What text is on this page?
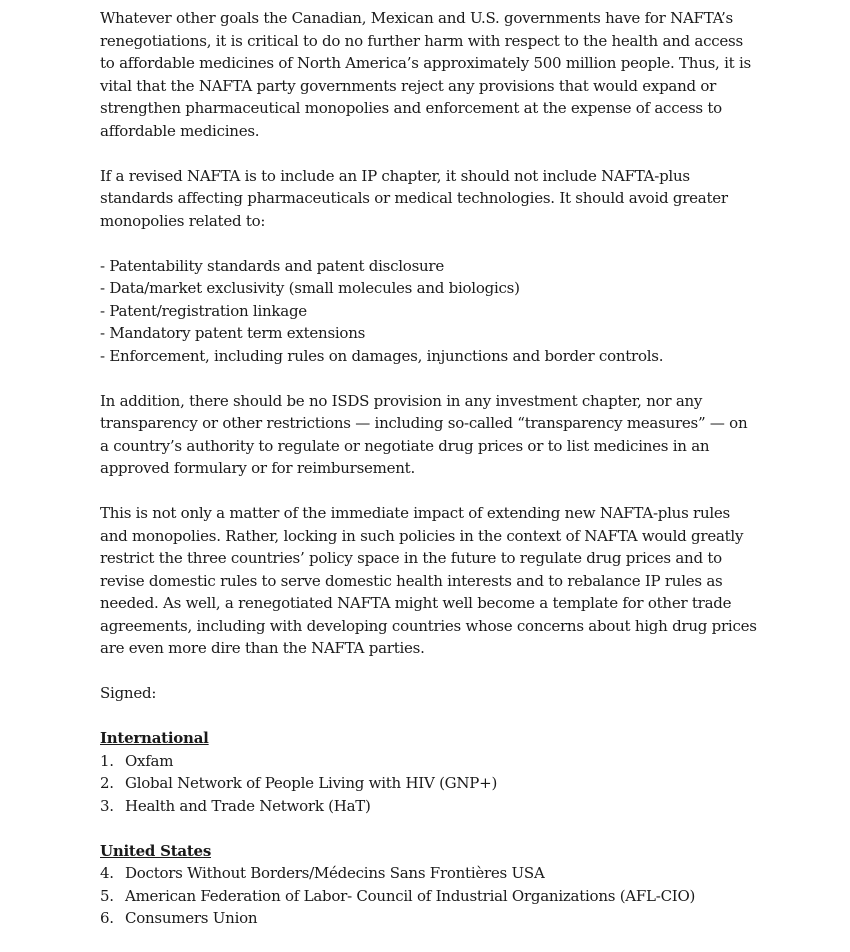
Whatever other goals the Canadian, Mexican and U.S. governments have for NAFTA’s renegotiations, it is critical to do no further harm with respect to the health and access to affordable medicines of North America’s approximately 500 million people. Thus, it is vital that the NAFTA party governments reject any provisions that would expand or strengthen pharmaceutical monopolies and enforcement at the expense of access to affordable medicines.

If a revised NAFTA is to include an IP chapter, it should not include NAFTA-plus standards affecting pharmaceuticals or medical technologies. It should avoid greater monopolies related to:

- Patentability standards and patent disclosure
- Data/market exclusivity (small molecules and biologics)
- Patent/registration linkage
- Mandatory patent term extensions
- Enforcement, including rules on damages, injunctions and border controls.

In addition, there should be no ISDS provision in any investment chapter, nor any transparency or other restrictions — including so-called “transparency measures” — on a country’s authority to regulate or negotiate drug prices or to list medicines in an approved formulary or for reimbursement.

This is not only a matter of the immediate impact of extending new NAFTA-plus rules and monopolies. Rather, locking in such policies in the context of NAFTA would greatly restrict the three countries’ policy space in the future to regulate drug prices and to revise domestic rules to serve domestic health interests and to rebalance IP rules as needed. As well, a renegotiated NAFTA might well become a template for other trade agreements, including with developing countries whose concerns about high drug prices are even more dire than the NAFTA parties.

Signed:

International

1. Oxfam
2. Global Network of People Living with HIV (GNP+)
3. Health and Trade Network (HaT)

United States

4. Doctors Without Borders/Médecins Sans Frontières USA
5. American Federation of Labor- Council of Industrial Organizations (AFL-CIO)
6. Consumers Union
